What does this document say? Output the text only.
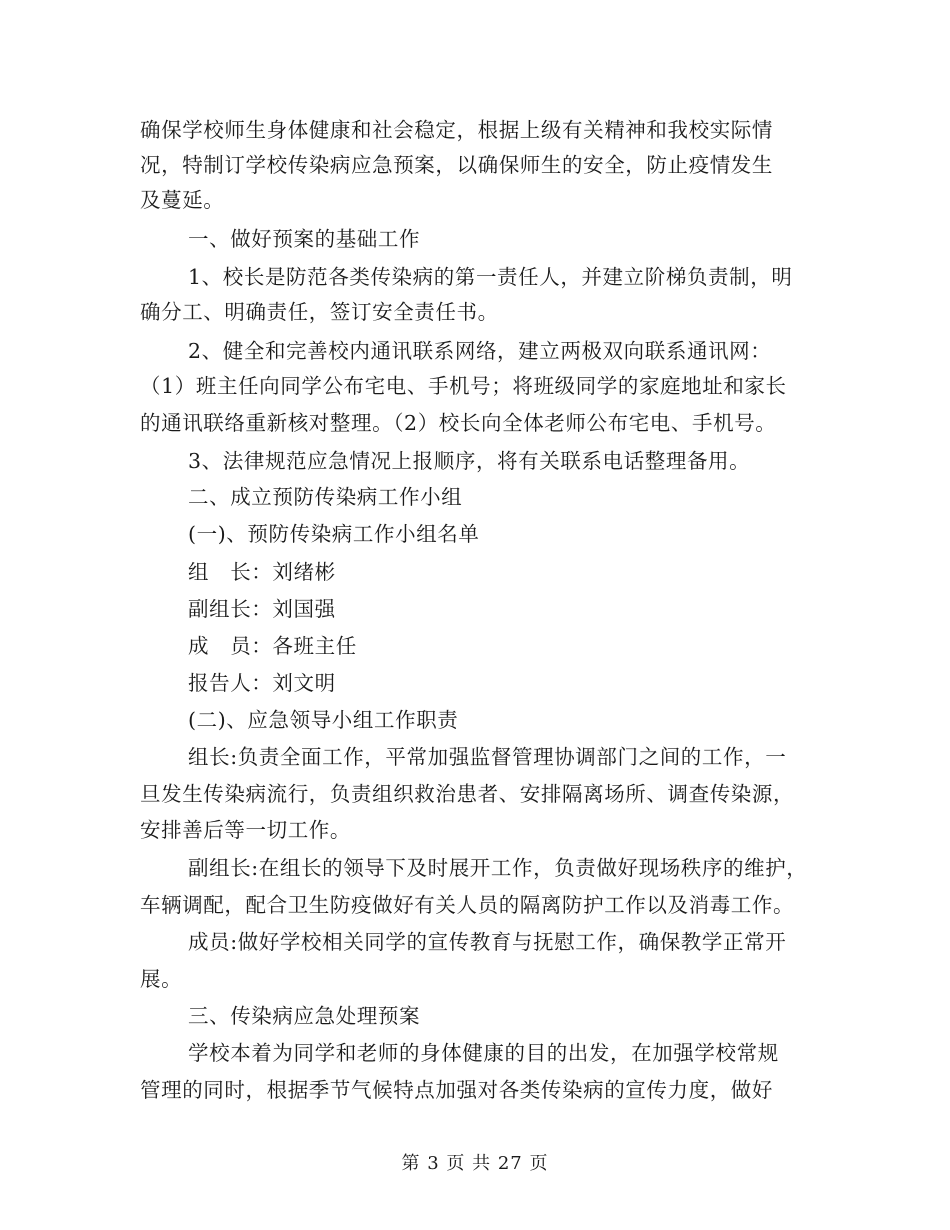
确保学校师生身体健康和社会稳定，根据上级有关精神和我校实际情
况，特制订学校传染病应急预案，以确保师生的安全，防止疫情发生
及蔓延。
一、做好预案的基础工作
1、校长是防范各类传染病的第一责任人，并建立阶梯负责制，明
确分工、明确责任，签订安全责任书。
2、健全和完善校内通讯联系网络，建立两极双向联系通讯网：
（1）班主任向同学公布宅电、手机号；将班级同学的家庭地址和家长
的通讯联络重新核对整理。（2）校长向全体老师公布宅电、手机号。
3、法律规范应急情况上报顺序，将有关联系电话整理备用。
二、成立预防传染病工作小组
(一)、预防传染病工作小组名单
组　长：刘绪彬
副组长：刘国强
成　员：各班主任
报告人：刘文明
(二)、应急领导小组工作职责
组长:负责全面工作，平常加强监督管理协调部门之间的工作，一
旦发生传染病流行，负责组织救治患者、安排隔离场所、调查传染源，
安排善后等一切工作。
副组长:在组长的领导下及时展开工作，负责做好现场秩序的维护，
车辆调配，配合卫生防疫做好有关人员的隔离防护工作以及消毒工作。
成员:做好学校相关同学的宣传教育与抚慰工作，确保教学正常开
展。
三、传染病应急处理预案
学校本着为同学和老师的身体健康的目的出发，在加强学校常规
管理的同时，根据季节气候特点加强对各类传染病的宣传力度，做好
第 3 页 共 27 页
